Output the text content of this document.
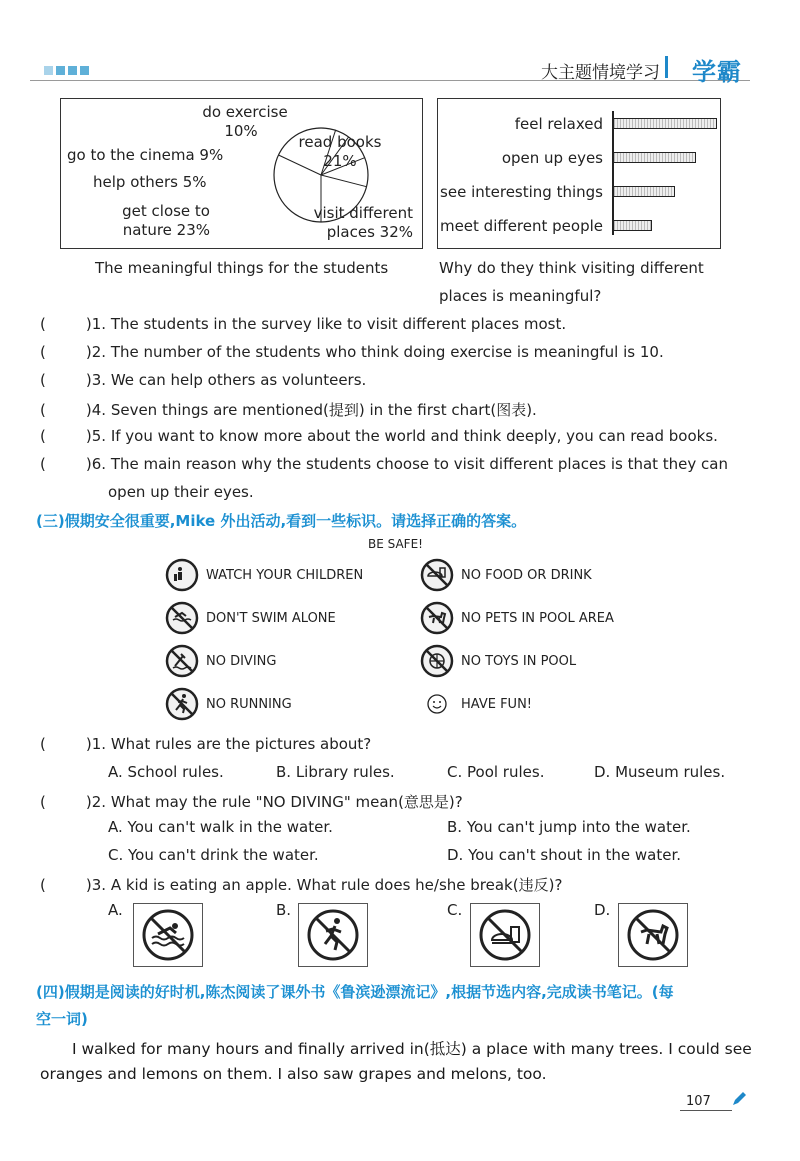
大主题情境学习 学霸
do exercise
10%
read books
21%
go to the cinema 9%
help others 5%
get close to
nature 23%
visit different
places 32%
The meaningful things for the students
feel relaxed
open up eyes
see interesting things
meet different people
Why do they think visiting different
places is meaningful?
(	)1. The students in the survey like to visit different places most.
(	)2. The number of the students who think doing exercise is meaningful is 10.
(	)3. We can help others as volunteers.
(	)4. Seven things are mentioned(提到) in the first chart(图表).
(	)5. If you want to know more about the world and think deeply, you can read books.
(	)6. The main reason why the students choose to visit different places is that they can
open up their eyes.
(三)假期安全很重要,Mike 外出活动,看到一些标识。请选择正确的答案。
BE SAFE!
WATCH YOUR CHILDREN	NO FOOD OR DRINK
DON'T SWIM ALONE	NO PETS IN POOL AREA
NO DIVING	NO TOYS IN POOL
NO RUNNING	HAVE FUN!
(	)1. What rules are the pictures about?
A. School rules.	B. Library rules.	C. Pool rules.	D. Museum rules.
(	)2. What may the rule "NO DIVING" mean(意思是)?
A. You can't walk in the water.	B. You can't jump into the water.
C. You can't drink the water.	D. You can't shout in the water.
(	)3. A kid is eating an apple. What rule does he/she break(违反)?
A.	B.	C.	D.
(四)假期是阅读的好时机,陈杰阅读了课外书《鲁滨逊漂流记》,根据节选内容,完成读书笔记。(每
空一词)
I walked for many hours and finally arrived in(抵达) a place with many trees. I could see
oranges and lemons on them. I also saw grapes and melons, too.
107
